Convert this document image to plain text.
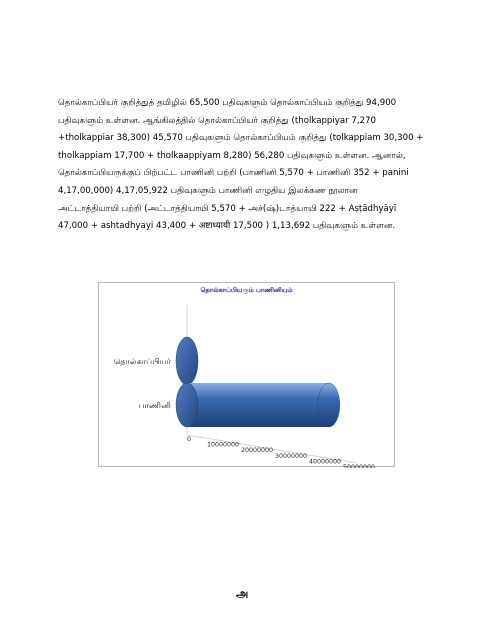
தொல்காப்பியர் குறித்துத் தமிழில் 65,500 பதிவுகளும் தொல்காப்பியம் குறித்து 94,900
பதிவுகளும் உள்ளன. ஆங்கிலத்தில் தொல்காப்பியர் குறித்து (tholkappiyar 7,270
+tholkappiar 38,300) 45,570 பதிவுகளும் தொல்காப்பியம் குறித்து (tolkappiam 30,300 +
tholkappiam 17,700 + tholkaappiyam 8,280) 56,280 பதிவுகளும் உள்ளன. ஆனால்,
தொல்காப்பியருக்குப் பிற்பட்ட பாணினி பற்றி (பாணினி 5,570 + பாணினி 352 + panini
4,17,00,000) 4,17,05,922 பதிவுகளும் பாணினி எழுதிய இலக்கண நூலான
அட்டாத்தியாயி பற்றி (அட்டாத்தியாயி 5,570 + அச்(ஷ்)டாத்யாயி 222 + Aṣṭādhyāyī
47,000 + ashtadhyayi 43,400 + अष्टाध्यायी 17,500 ) 1,13,692 பதிவுகளும் உள்ளன.
தொல்காப்பியரும் பாணினியும்
தொல்காப்பியர்
பாணினி
0
10000000
20000000
30000000
40000000
50000000
அ
